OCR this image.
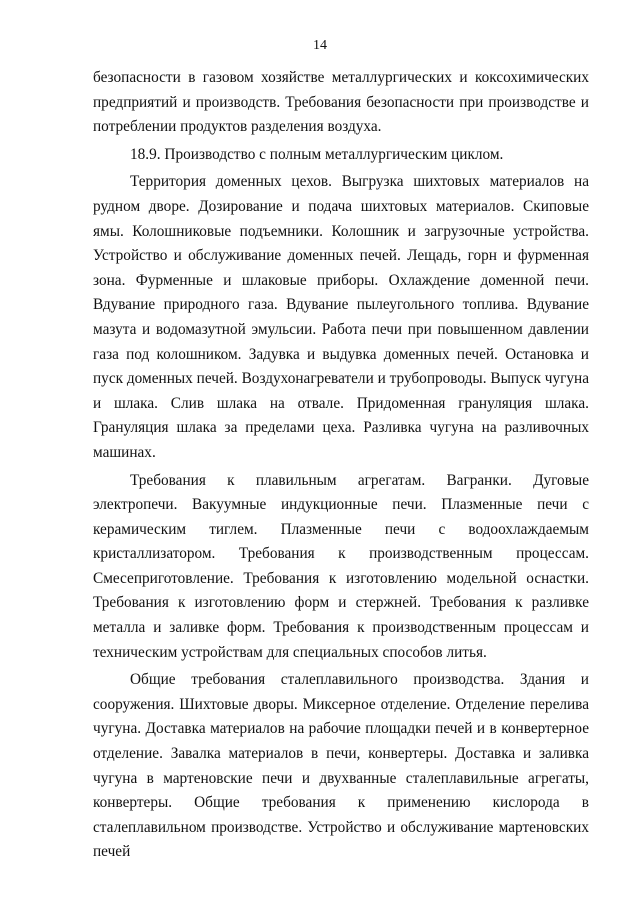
14

безопасности в газовом хозяйстве металлургических и коксохимических предприятий и производств. Требования безопасности при производстве и потреблении продуктов разделения воздуха.

18.9. Производство с полным металлургическим циклом.

Территория доменных цехов. Выгрузка шихтовых материалов на рудном дворе. Дозирование и подача шихтовых материалов. Скиповые ямы. Колошниковые подъемники. Колошник и загрузочные устройства. Устройство и обслуживание доменных печей. Лещадь, горн и фурменная зона. Фурменные и шлаковые приборы. Охлаждение доменной печи. Вдувание природного газа. Вдувание пылеугольного топлива. Вдувание мазута и водомазутной эмульсии. Работа печи при повышенном давлении газа под колошником. Задувка и выдувка доменных печей. Остановка и пуск доменных печей. Воздухонагреватели и трубопроводы. Выпуск чугуна и шлака. Слив шлака на отвале. Придоменная грануляция шлака. Грануляция шлака за пределами цеха. Разливка чугуна на разливочных машинах.

Требования к плавильным агрегатам. Вагранки. Дуговые электропечи. Вакуумные индукционные печи. Плазменные печи с керамическим тиглем. Плазменные печи с водоохлаждаемым кристаллизатором. Требования к производственным процессам. Смесеприготовление. Требования к изготовлению модельной оснастки. Требования к изготовлению форм и стержней. Требования к разливке металла и заливке форм. Требования к производственным процессам и техническим устройствам для специальных способов литья.

Общие требования сталеплавильного производства. Здания и сооружения. Шихтовые дворы. Миксерное отделение. Отделение перелива чугуна. Доставка материалов на рабочие площадки печей и в конвертерное отделение. Завалка материалов в печи, конвертеры. Доставка и заливка чугуна в мартеновские печи и двухванные сталеплавильные агрегаты, конвертеры. Общие требования к применению кислорода в сталеплавильном производстве. Устройство и обслуживание мартеновских печей
